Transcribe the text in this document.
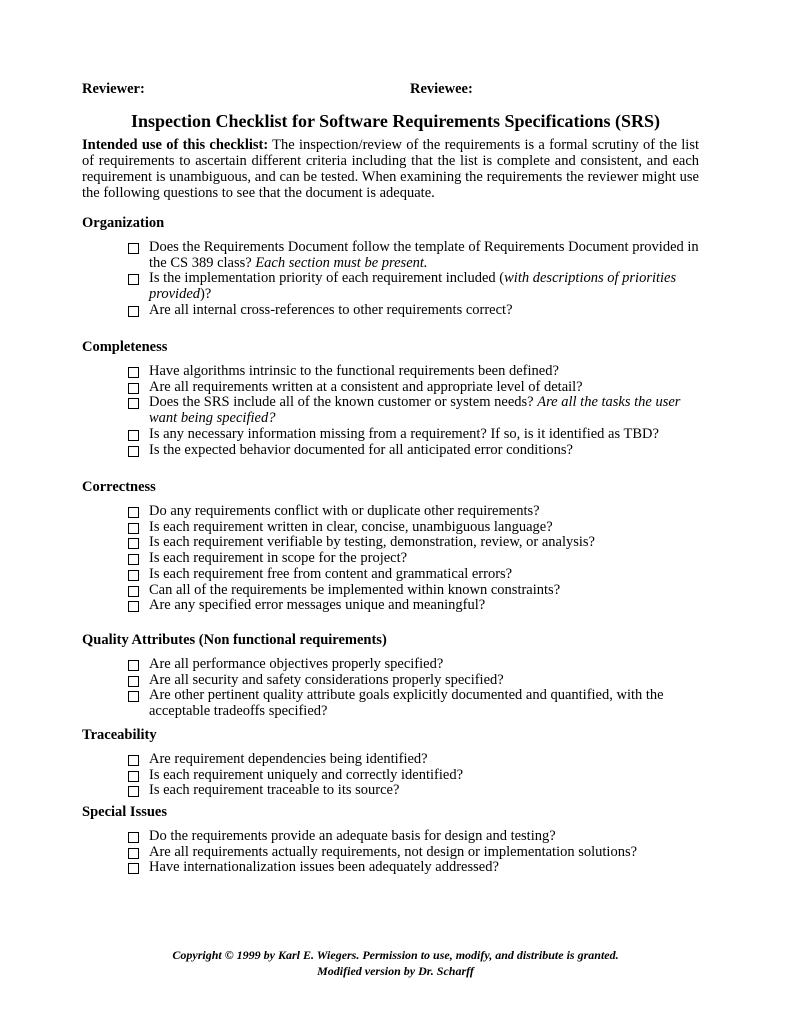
Reviewer:	Reviewee:
Inspection Checklist for Software Requirements Specifications (SRS)
Intended use of this checklist: The inspection/review of the requirements is a formal scrutiny of the list of requirements to ascertain different criteria including that the list is complete and consistent, and each requirement is unambiguous, and can be tested. When examining the requirements the reviewer might use the following questions to see that the document is adequate.
Organization
Does the Requirements Document follow the template of Requirements Document provided in the CS 389 class? Each section must be present.
Is the implementation priority of each requirement included (with descriptions of priorities provided)?
Are all internal cross-references to other requirements correct?
Completeness
Have algorithms intrinsic to the functional requirements been defined?
Are all requirements written at a consistent and appropriate level of detail?
Does the SRS include all of the known customer or system needs? Are all the tasks the user want being specified?
Is any necessary information missing from a requirement? If so, is it identified as TBD?
Is the expected behavior documented for all anticipated error conditions?
Correctness
Do any requirements conflict with or duplicate other requirements?
Is each requirement written in clear, concise, unambiguous language?
Is each requirement verifiable by testing, demonstration, review, or analysis?
Is each requirement in scope for the project?
Is each requirement free from content and grammatical errors?
Can all of the requirements be implemented within known constraints?
Are any specified error messages unique and meaningful?
Quality Attributes (Non functional requirements)
Are all performance objectives properly specified?
Are all security and safety considerations properly specified?
Are other pertinent quality attribute goals explicitly documented and quantified, with the acceptable tradeoffs specified?
Traceability
Are requirement dependencies being identified?
Is each requirement uniquely and correctly identified?
Is each requirement traceable to its source?
Special Issues
Do the requirements provide an adequate basis for design and testing?
Are all requirements actually requirements, not design or implementation solutions?
Have internationalization issues been adequately addressed?
Copyright © 1999 by Karl E. Wiegers. Permission to use, modify, and distribute is granted.
Modified version by Dr. Scharff
